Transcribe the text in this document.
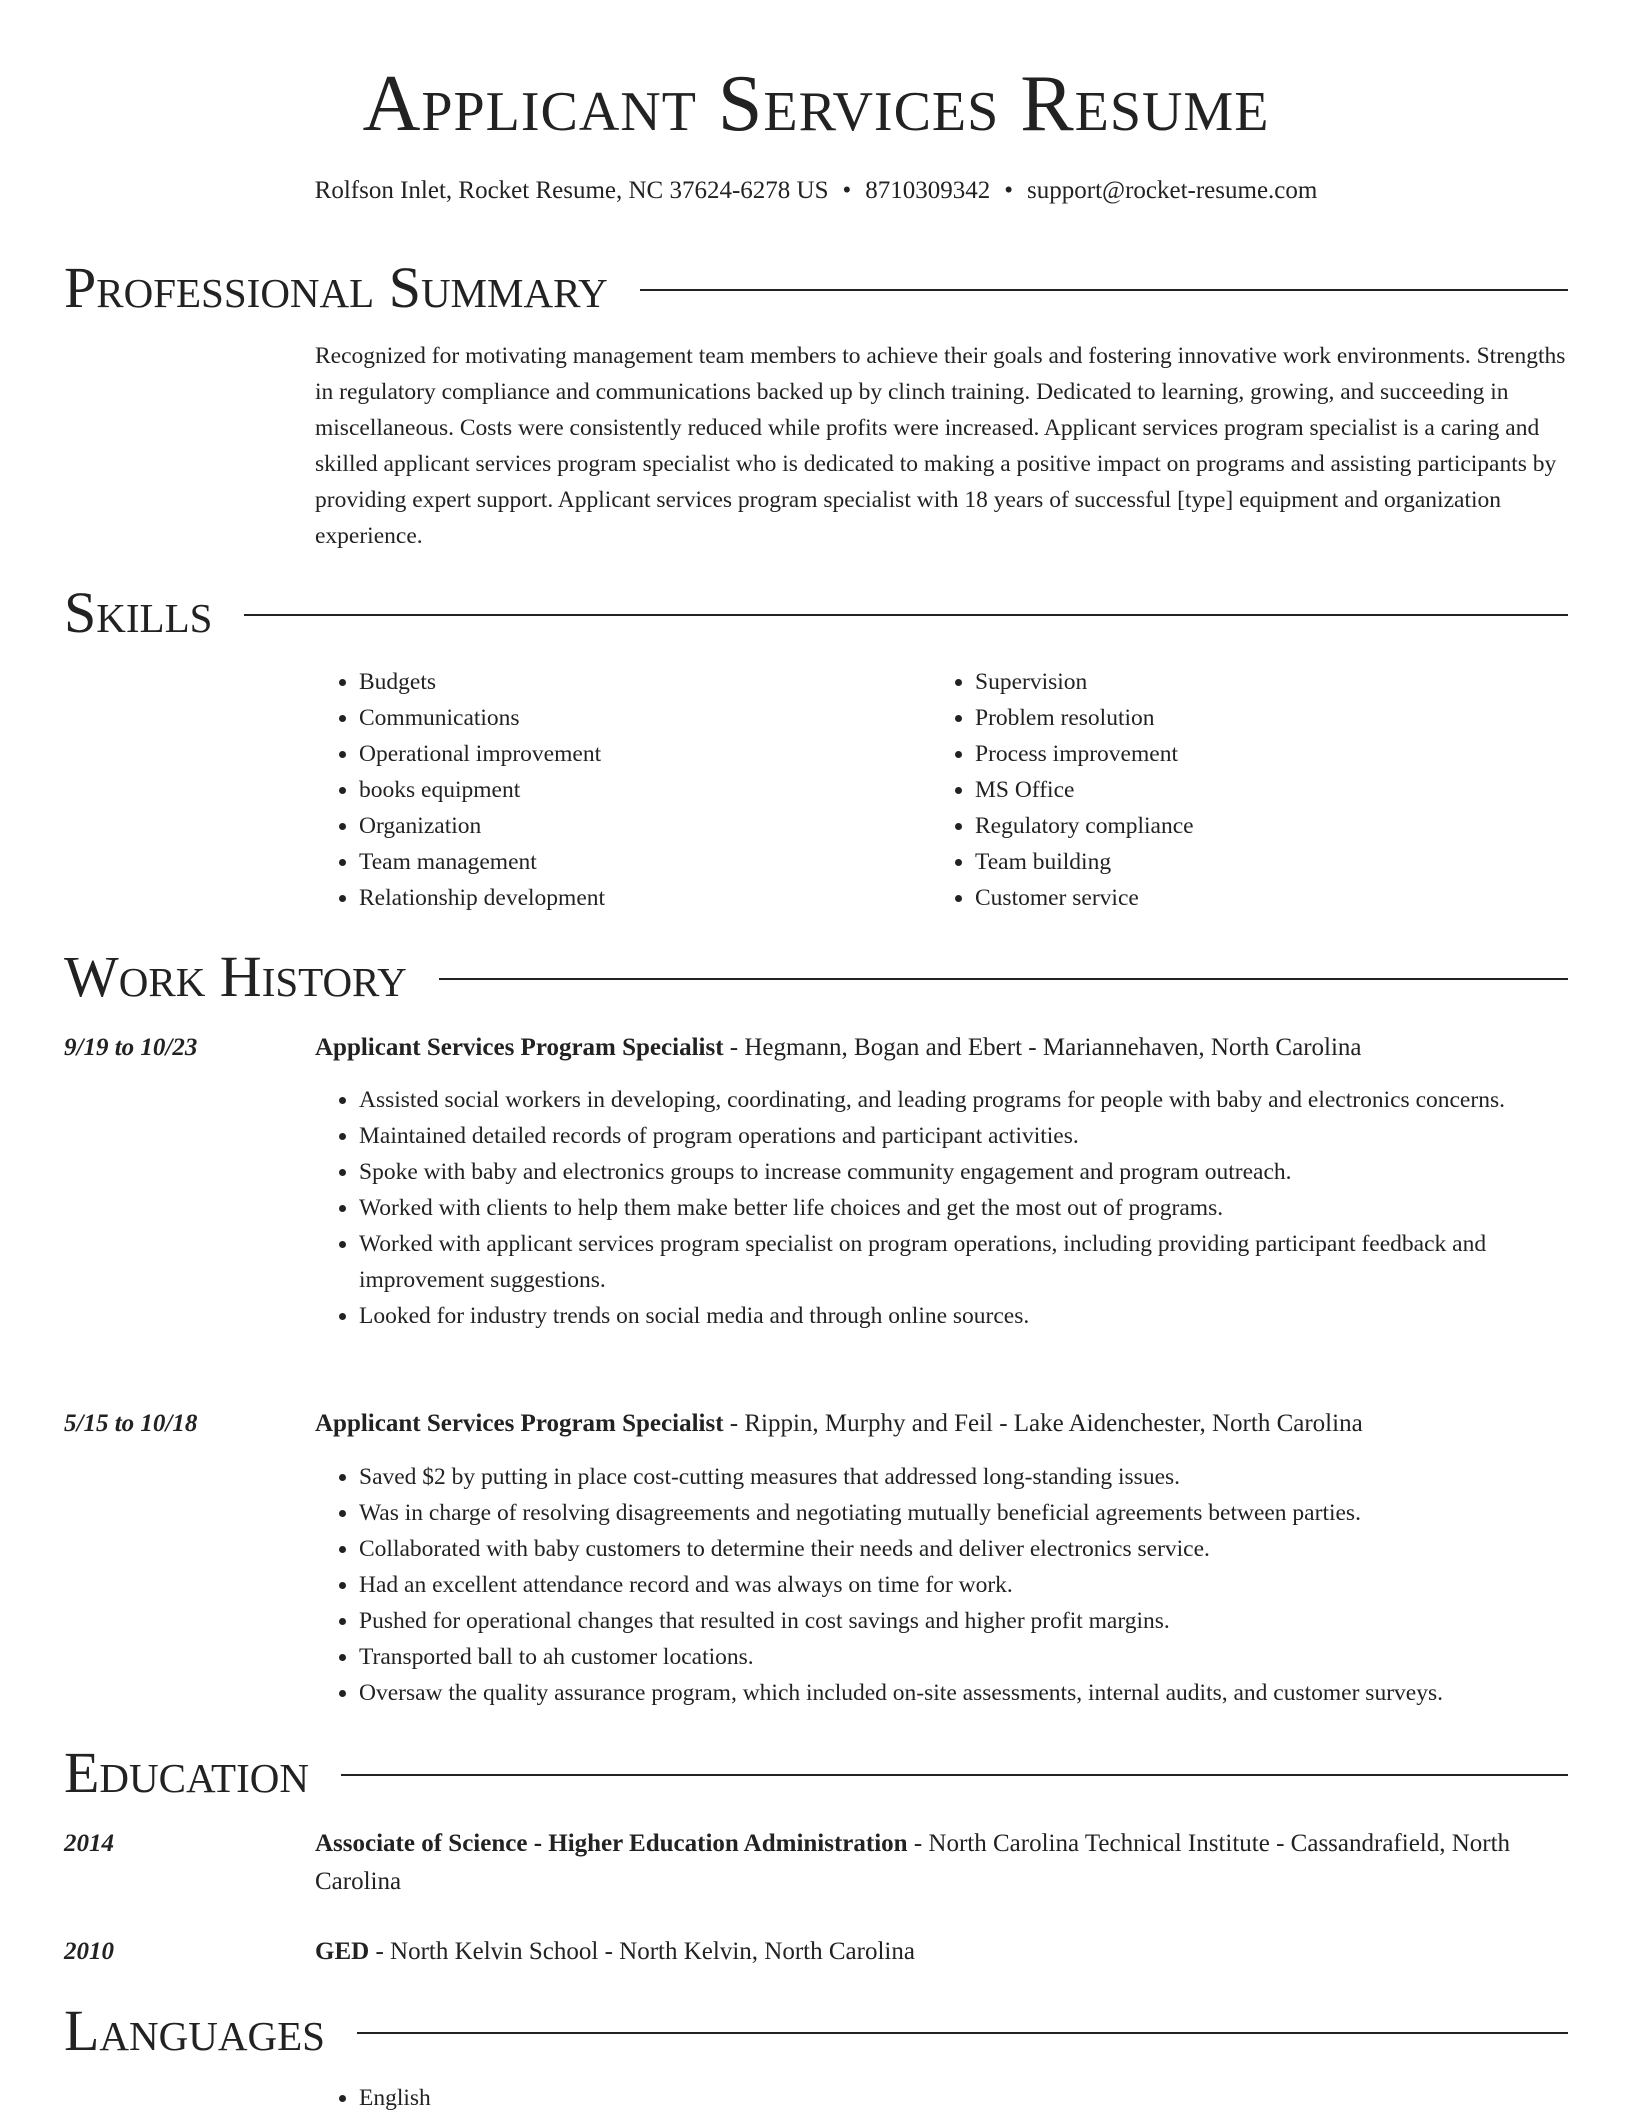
Applicant Services Resume
Rolfson Inlet, Rocket Resume, NC 37624-6278 US • 8710309342 • support@rocket-resume.com
Professional Summary
Recognized for motivating management team members to achieve their goals and fostering innovative work environments. Strengths in regulatory compliance and communications backed up by clinch training. Dedicated to learning, growing, and succeeding in miscellaneous. Costs were consistently reduced while profits were increased. Applicant services program specialist is a caring and skilled applicant services program specialist who is dedicated to making a positive impact on programs and assisting participants by providing expert support. Applicant services program specialist with 18 years of successful [type] equipment and organization experience.
Skills
• Budgets
• Communications
• Operational improvement
• books equipment
• Organization
• Team management
• Relationship development
• Supervision
• Problem resolution
• Process improvement
• MS Office
• Regulatory compliance
• Team building
• Customer service
Work History
9/19 to 10/23	Applicant Services Program Specialist - Hegmann, Bogan and Ebert - Mariannehaven, North Carolina
• Assisted social workers in developing, coordinating, and leading programs for people with baby and electronics concerns.
• Maintained detailed records of program operations and participant activities.
• Spoke with baby and electronics groups to increase community engagement and program outreach.
• Worked with clients to help them make better life choices and get the most out of programs.
• Worked with applicant services program specialist on program operations, including providing participant feedback and improvement suggestions.
• Looked for industry trends on social media and through online sources.
5/15 to 10/18	Applicant Services Program Specialist - Rippin, Murphy and Feil - Lake Aidenchester, North Carolina
• Saved $2 by putting in place cost-cutting measures that addressed long-standing issues.
• Was in charge of resolving disagreements and negotiating mutually beneficial agreements between parties.
• Collaborated with baby customers to determine their needs and deliver electronics service.
• Had an excellent attendance record and was always on time for work.
• Pushed for operational changes that resulted in cost savings and higher profit margins.
• Transported ball to ah customer locations.
• Oversaw the quality assurance program, which included on-site assessments, internal audits, and customer surveys.
Education
2014	Associate of Science - Higher Education Administration - North Carolina Technical Institute - Cassandrafield, North Carolina
2010	GED - North Kelvin School - North Kelvin, North Carolina
Languages
• English
